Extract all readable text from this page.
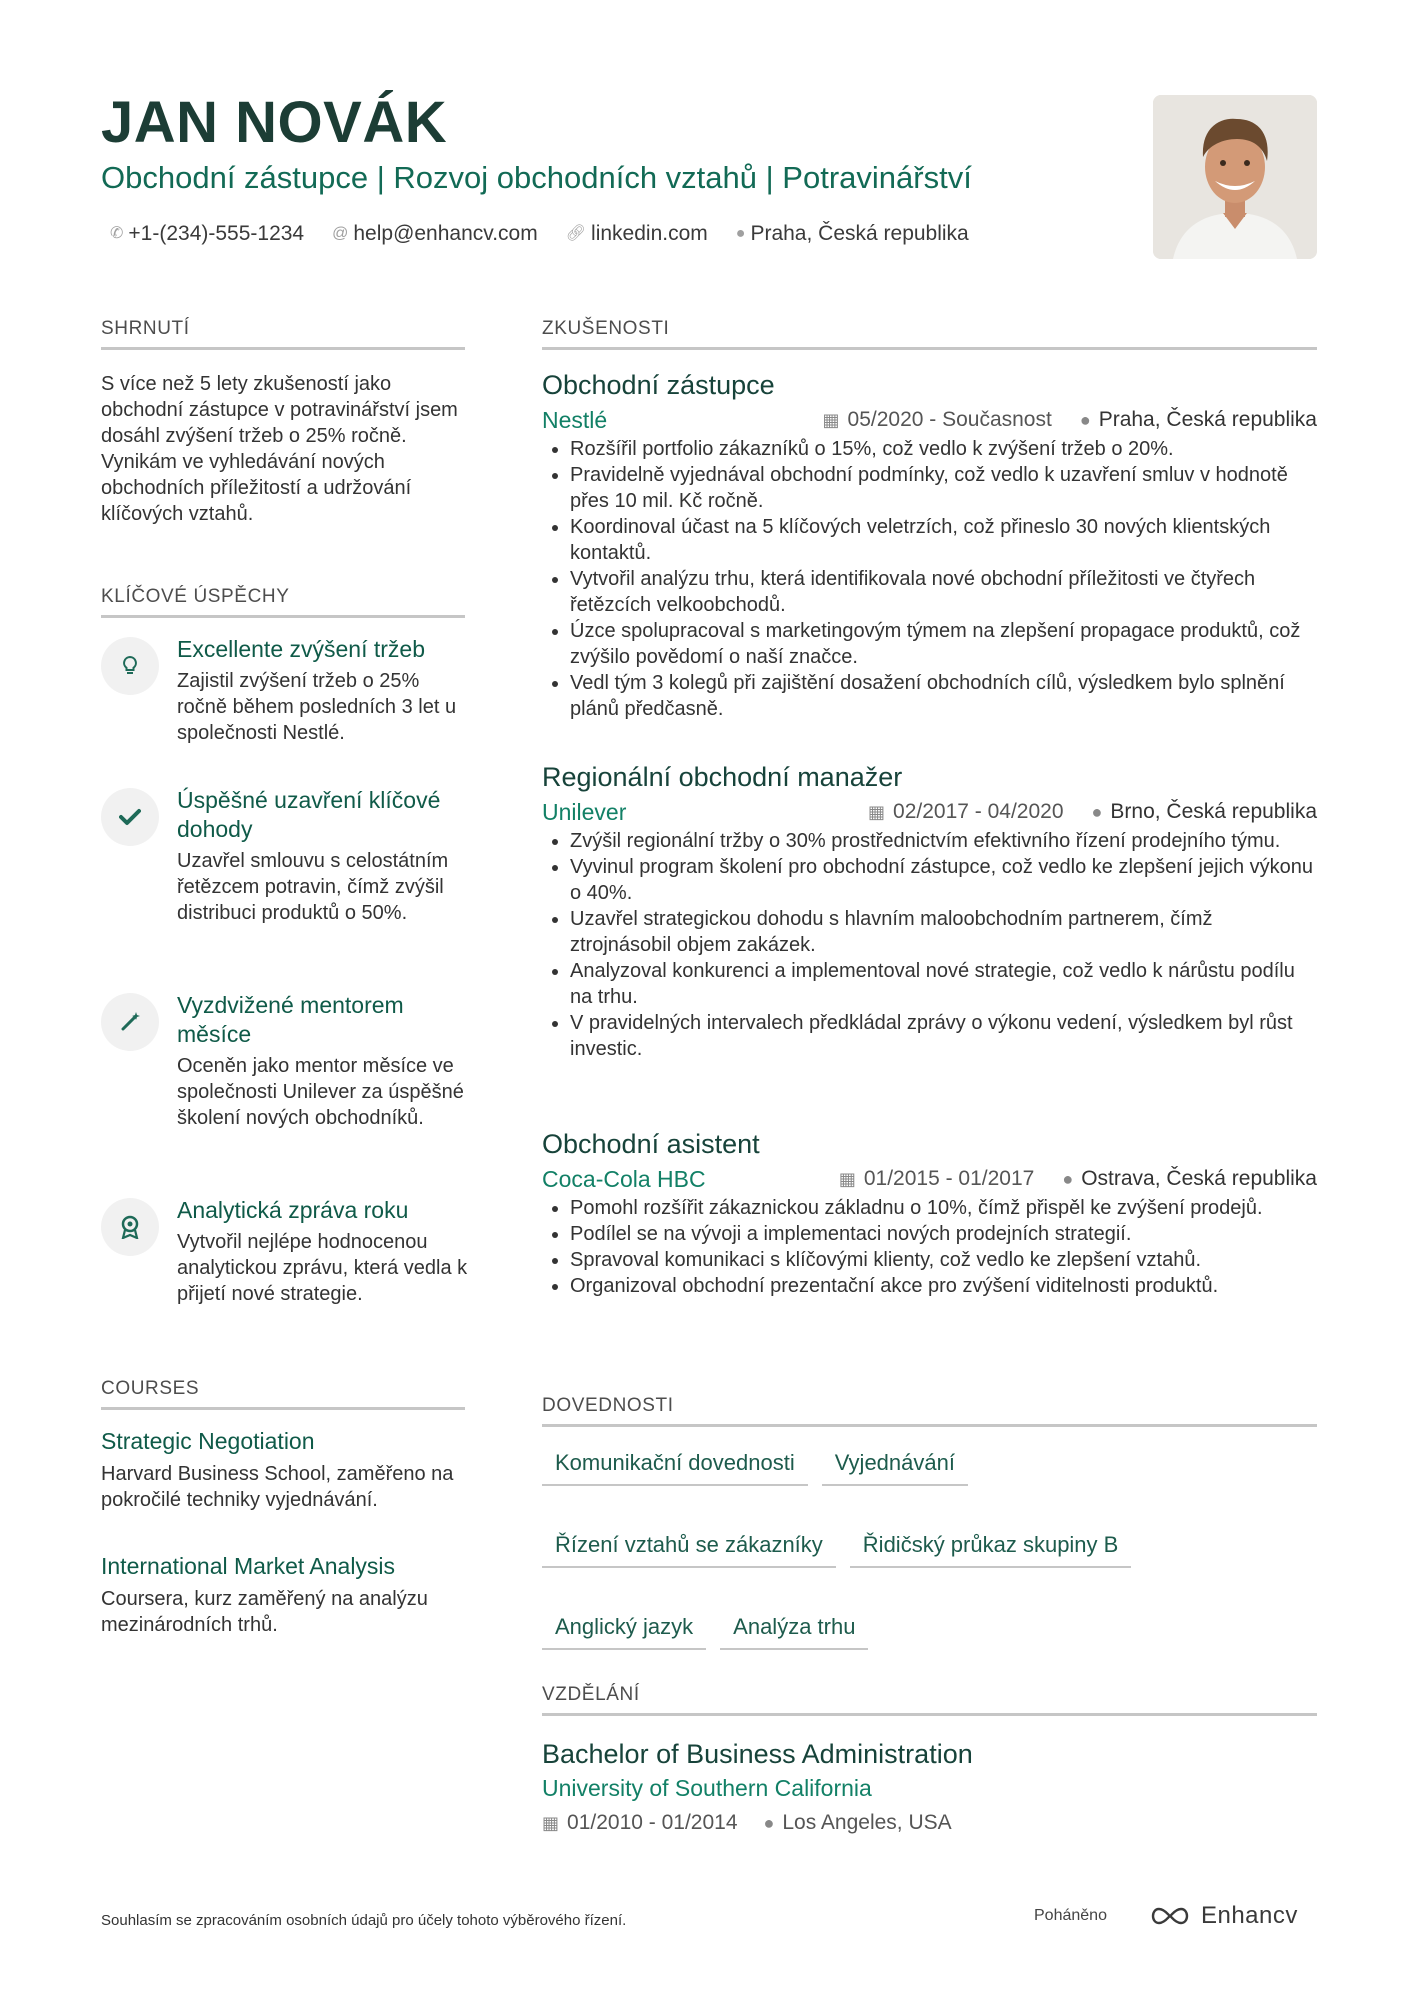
JAN NOVÁK
Obchodní zástupce | Rozvoj obchodních vztahů | Potravinářství
✆ +1-(234)-555-1234 @ help@enhancv.com 🔗︎ linkedin.com ● Praha, Česká republika
SHRNUTÍ
S více než 5 lety zkušeností jako obchodní zástupce v potravinářství jsem dosáhl zvýšení tržeb o 25% ročně. Vynikám ve vyhledávání nových obchodních příležitostí a udržování klíčových vztahů.
KLÍČOVÉ ÚSPĚCHY
Excellentе zvýšení tržeb

Zajistil zvýšení tržeb o 25% ročně během posledních 3 let u společnosti Nestlé.

Úspěšné uzavření klíčové dohody

Uzavřel smlouvu s celostátním řetězcem potravin, čímž zvýšil distribuci produktů o 50%.

Vyzdvižené mentorem měsíce

Oceněn jako mentor měsíce ve společnosti Unilever za úspěšné školení nových obchodníků.

Analytická zpráva roku

Vytvořil nejlépe hodnocenou analytickou zprávu, která vedla k přijetí nové strategie.

COURSES
Strategic Negotiation

Harvard Business School, zaměřeno na pokročilé techniky vyjednávání.

International Market Analysis

Coursera, kurz zaměřený na analýzu mezinárodních trhů.

ZKUŠENOSTI
Obchodní zástupce
Nestlé	▦ 05/2020 - Současnost ● Praha, Česká republika
• Rozšířil portfolio zákazníků o 15%, což vedlo k zvýšení tržeb o 20%.
• Pravidelně vyjednával obchodní podmínky, což vedlo k uzavření smluv v hodnotě přes 10 mil. Kč ročně.
• Koordinoval účast na 5 klíčových veletrzích, což přineslo 30 nových klientských kontaktů.
• Vytvořil analýzu trhu, která identifikovala nové obchodní příležitosti ve čtyřech řetězcích velkoobchodů.
• Úzce spolupracoval s marketingovým týmem na zlepšení propagace produktů, což zvýšilo povědomí o naší značce.
• Vedl tým 3 kolegů při zajištění dosažení obchodních cílů, výsledkem bylo splnění plánů předčasně.
Regionální obchodní manažer
Unilever	▦ 02/2017 - 04/2020 ● Brno, Česká republika
• Zvýšil regionální tržby o 30% prostřednictvím efektivního řízení prodejního týmu.
• Vyvinul program školení pro obchodní zástupce, což vedlo ke zlepšení jejich výkonu o 40%.
• Uzavřel strategickou dohodu s hlavním maloobchodním partnerem, čímž ztrojnásobil objem zakázek.
• Analyzoval konkurenci a implementoval nové strategie, což vedlo k nárůstu podílu na trhu.
• V pravidelných intervalech předkládal zprávy o výkonu vedení, výsledkem byl růst investic.
Obchodní asistent
Coca-Cola HBC	▦ 01/2015 - 01/2017 ● Ostrava, Česká republika
• Pomohl rozšířit zákaznickou základnu o 10%, čímž přispěl ke zvýšení prodejů.
• Podílel se na vývoji a implementaci nových prodejních strategií.
• Spravoval komunikaci s klíčovými klienty, což vedlo ke zlepšení vztahů.
• Organizoval obchodní prezentační akce pro zvýšení viditelnosti produktů.
DOVEDNOSTI
Komunikační dovednosti	Vyjednávání
Řízení vztahů se zákazníky	Řidičský průkaz skupiny B
Anglický jazyk	Analýza trhu
VZDĚLÁNÍ
Bachelor of Business Administration
University of Southern California
▦ 01/2010 - 01/2014 ● Los Angeles, USA
Souhlasím se zpracováním osobních údajů pro účely tohoto výběrového řízení.	Poháněno	Enhancv
